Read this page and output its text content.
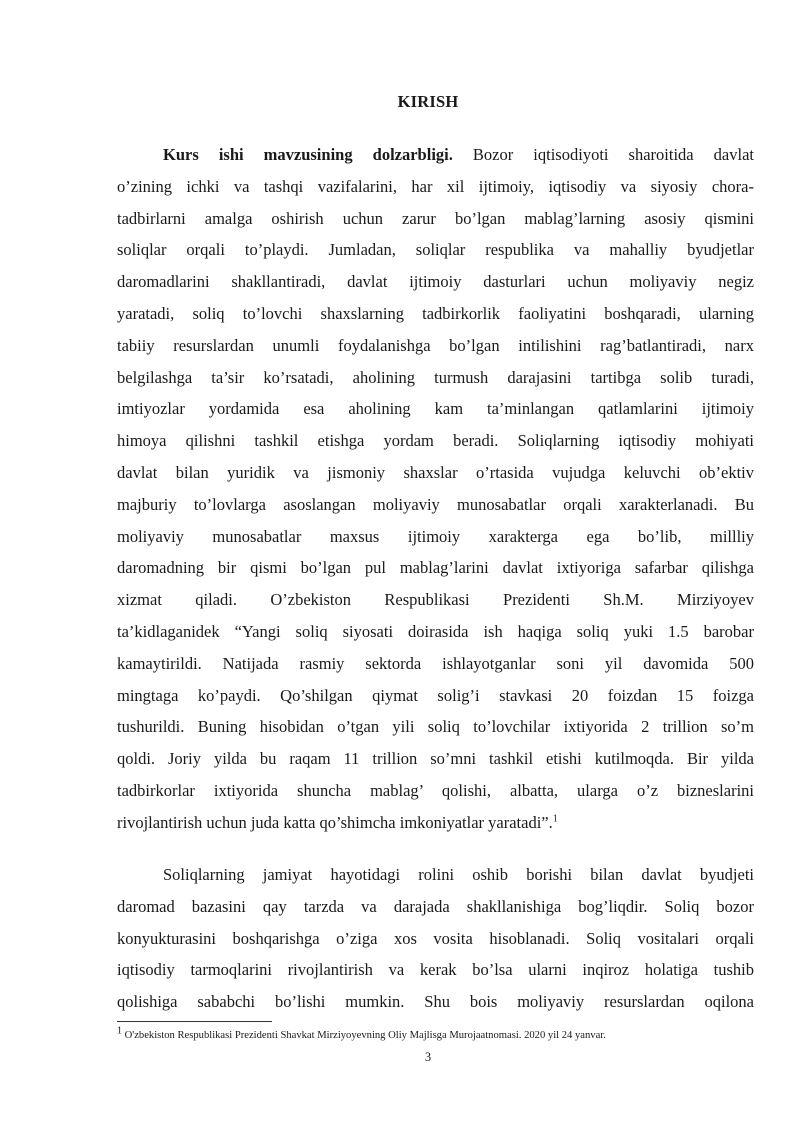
KIRISH
Kurs ishi mavzusining dolzarbligi. Bozor iqtisodiyoti sharoitida davlat
o’zining ichki va tashqi vazifalarini, har xil ijtimoiy, iqtisodiy va siyosiy chora-
tadbirlarni amalga oshirish uchun zarur bo’lgan mablag’larning asosiy qismini
soliqlar orqali to’playdi. Jumladan, soliqlar respublika va mahalliy byudjetlar
daromadlarini shakllantiradi, davlat ijtimoiy dasturlari uchun moliyaviy negiz
yaratadi, soliq to’lovchi shaxslarning tadbirkorlik faoliyatini boshqaradi, ularning
tabiiy resurslardan unumli foydalanishga bo’lgan intilishini rag’batlantiradi, narx
belgilashga ta’sir ko’rsatadi, aholining turmush darajasini tartibga solib turadi,
imtiyozlar yordamida esa aholining kam ta’minlangan qatlamlarini ijtimoiy
himoya qilishni tashkil etishga yordam beradi. Soliqlarning iqtisodiy mohiyati
davlat bilan yuridik va jismoniy shaxslar o’rtasida vujudga keluvchi ob’ektiv
majburiy to’lovlarga asoslangan moliyaviy munosabatlar orqali xarakterlanadi. Bu
moliyaviy munosabatlar maxsus ijtimoiy xarakterga ega bo’lib, millliy
daromadning bir qismi bo’lgan pul mablag’larini davlat ixtiyoriga safarbar qilishga
xizmat qiladi. O’zbekiston Respublikasi Prezidenti Sh.M. Mirziyoyev
ta’kidlaganidek “Yangi soliq siyosati doirasida ish haqiga soliq yuki 1.5 barobar
kamaytirildi. Natijada rasmiy sektorda ishlayotganlar soni yil davomida 500
mingtaga ko’paydi. Qo’shilgan qiymat solig’i stavkasi 20 foizdan 15 foizga
tushurildi. Buning hisobidan o’tgan yili soliq to’lovchilar ixtiyorida 2 trillion so’m
qoldi. Joriy yilda bu raqam 11 trillion so’mni tashkil etishi kutilmoqda. Bir yilda
tadbirkorlar ixtiyorida shuncha mablag’ qolishi, albatta, ularga o’z bizneslarini
rivojlantirish uchun juda katta qo’shimcha imkoniyatlar yaratadi”.$^1$
Soliqlarning jamiyat hayotidagi rolini oshib borishi bilan davlat byudjeti
daromad bazasini qay tarzda va darajada shakllanishiga bog’liqdir. Soliq bozor
konyukturasini boshqarishga o’ziga xos vosita hisoblanadi. Soliq vositalari orqali
iqtisodiy tarmoqlarini rivojlantirish va kerak bo’lsa ularni inqiroz holatiga tushib
qolishiga sababchi bo’lishi mumkin. Shu bois moliyaviy resurslardan oqilona
$^1$ O'zbekiston Respublikasi Prezidenti Shavkat Mirziyoyevning Oliy Majlisga Murojaatnomasi. 2020 yil 24 yanvar.
3
